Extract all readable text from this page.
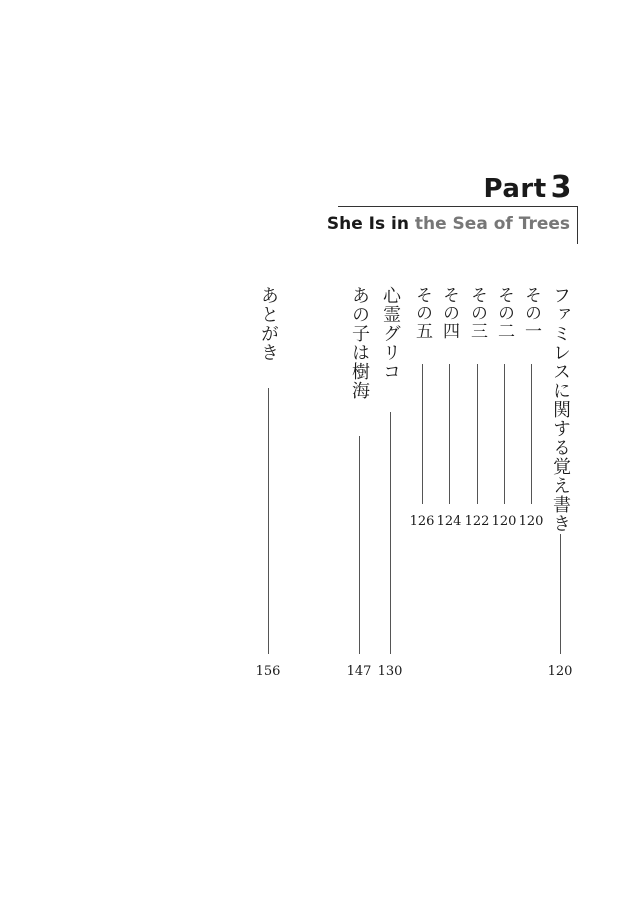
Part 3
She Is in the Sea of Trees
ファミレスに関する覚え書き
120
その一
120
その二
120
その三
122
その四
124
その五
126
心霊グリコ
130
あの子は樹海
147
あとがき
156
